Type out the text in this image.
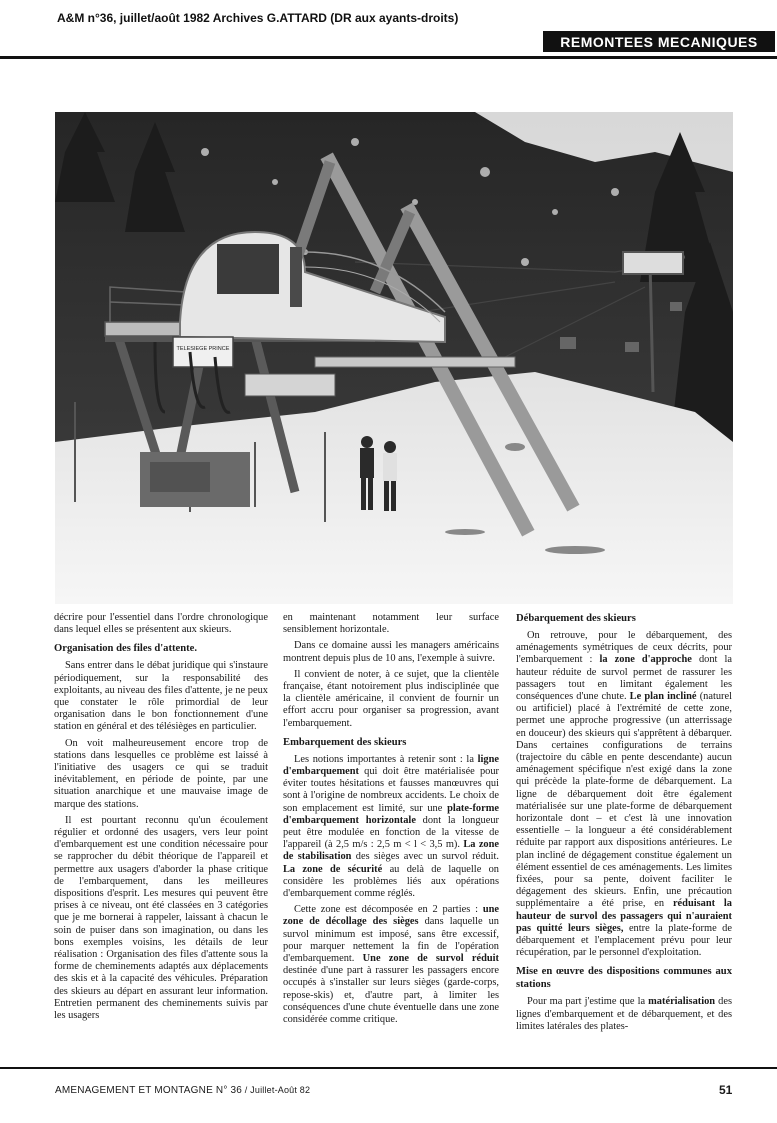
A&M n°36, juillet/août 1982 Archives G.ATTARD (DR aux ayants-droits)
REMONTEES MECANIQUES
TELESIEGE PRINCE

décrire pour l'essentiel dans l'ordre chronologique dans lequel elles se présentent aux skieurs.

Organisation des files d'attente.

Sans entrer dans le débat juridique qui s'instaure périodiquement, sur la responsabilité des exploitants, au niveau des files d'attente, je ne peux que constater le rôle primordial de leur organisation dans le bon fonctionnement d'une station en général et des télésièges en particulier.

On voit malheureusement encore trop de stations dans lesquelles ce problème est laissé à l'initiative des usagers ce qui se traduit inévitablement, en période de pointe, par une situation anarchique et une mauvaise image de marque des stations.

Il est pourtant reconnu qu'un écoulement régulier et ordonné des usagers, vers leur point d'embarquement est une condition nécessaire pour se rapprocher du débit théorique de l'appareil et permettre aux usagers d'aborder la phase critique de l'embarquement, dans les meilleures dispositions d'esprit. Les mesures qui peuvent être prises à ce niveau, ont été classées en 3 catégories que je me bornerai à rappeler, laissant à chacun le soin de puiser dans son imagination, ou dans les bons exemples voisins, les détails de leur réalisation : Organisation des files d'attente sous la forme de cheminements adaptés aux déplacements des skis et à la capacité des véhicules. Préparation des skieurs au départ en assurant leur information. Entretien permanent des cheminements suivis par les usagers

en maintenant notamment leur surface sensiblement horizontale.

Dans ce domaine aussi les managers américains montrent depuis plus de 10 ans, l'exemple à suivre.

Il convient de noter, à ce sujet, que la clientèle française, étant notoirement plus indisciplinée que la clientèle américaine, il convient de fournir un effort accru pour organiser sa progression, avant l'embarquement.

Embarquement des skieurs

Les notions importantes à retenir sont : la ligne d'embarquement qui doit être matérialisée pour éviter toutes hésitations et fausses manœuvres qui sont à l'origine de nombreux accidents. Le choix de son emplacement est limité, sur une plate-forme d'embarquement horizontale dont la longueur peut être modulée en fonction de la vitesse de l'appareil (à 2,5 m/s : 2,5 m < l < 3,5 m). La zone de stabilisation des sièges avec un survol réduit. La zone de sécurité au delà de laquelle on considère les problèmes liés aux opérations d'embarquement comme réglés.

Cette zone est décomposée en 2 parties : une zone de décollage des sièges dans laquelle un survol minimum est imposé, sans être excessif, pour marquer nettement la fin de l'opération d'embarquement. Une zone de survol réduit destinée d'une part à rassurer les passagers encore occupés à s'installer sur leurs sièges (garde-corps, repose-skis) et, d'autre part, à limiter les conséquences d'une chute éventuelle dans une zone considérée comme critique.

Débarquement des skieurs

On retrouve, pour le débarquement, des aménagements symétriques de ceux décrits, pour l'embarquement : la zone d'approche dont la hauteur réduite de survol permet de rassurer les passagers tout en limitant également les conséquences d'une chute. Le plan incliné (naturel ou artificiel) placé à l'extrémité de cette zone, permet une approche progressive (un atterrissage en douceur) des skieurs qui s'apprêtent à débarquer. Dans certaines configurations de terrains (trajectoire du câble en pente descendante) aucun aménagement spécifique n'est exigé dans la zone qui précède la plate-forme de débarquement. La ligne de débarquement doit être également matérialisée sur une plate-forme de débarquement horizontale dont – et c'est là une innovation essentielle – la longueur a été considérablement réduite par rapport aux dispositions antérieures. Le plan incliné de dégagement constitue également un élément essentiel de ces aménagements. Les limites fixées, pour sa pente, doivent faciliter le dégagement des skieurs. Enfin, une précaution supplémentaire a été prise, en réduisant la hauteur de survol des passagers qui n'auraient pas quitté leurs sièges, entre la plate-forme de débarquement et l'emplacement prévu pour leur récupération, par le personnel d'exploitation.

Mise en œuvre des dispositions communes aux stations

Pour ma part j'estime que la matérialisation des lignes d'embarquement et de débarquement, et des limites latérales des plates-

AMENAGEMENT ET MONTAGNE N° 36 / Juillet-Août 82	51
